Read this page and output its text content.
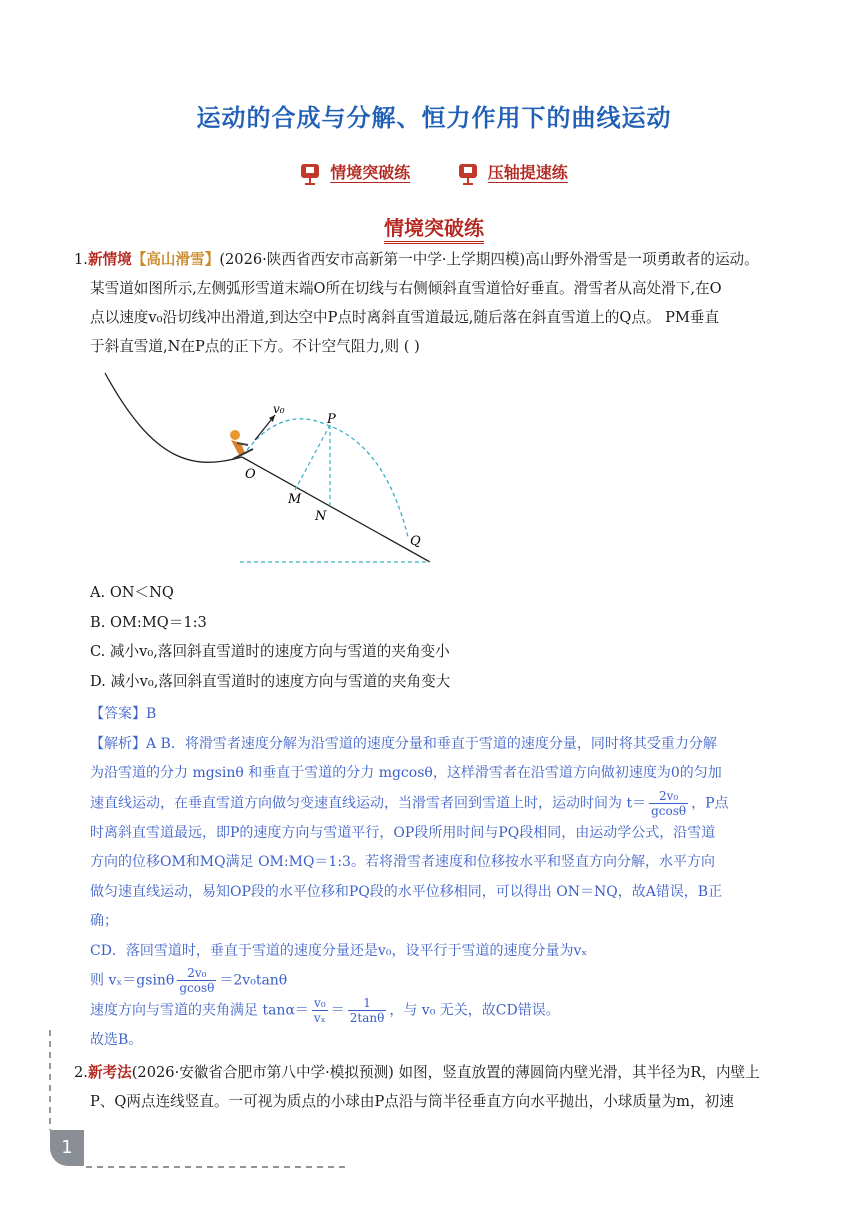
运动的合成与分解、恒力作用下的曲线运动
情境突破练	压轴提速练
情境突破练
1.新情境【高山滑雪】(2026·陕西省西安市高新第一中学·上学期四模)高山野外滑雪是一项勇敢者的运动。
某雪道如图所示,左侧弧形雪道末端O所在切线与右侧倾斜直雪道恰好垂直。滑雪者从高处滑下,在O
点以速度v₀沿切线冲出滑道,到达空中P点时离斜直雪道最远,随后落在斜直雪道上的Q点。 PM垂直
于斜直雪道,N在P点的正下方。不计空气阻力,则 ( )
v₀
P
O
M
N
Q
A. ON＜NQ
B. OM:MQ＝1:3
C. 减小v₀,落回斜直雪道时的速度方向与雪道的夹角变小
D. 减小v₀,落回斜直雪道时的速度方向与雪道的夹角变大
【答案】B
【解析】A B．将滑雪者速度分解为沿雪道的速度分量和垂直于雪道的速度分量，同时将其受重力分解
为沿雪道的分力 mgsinθ 和垂直于雪道的分力 mgcosθ，这样滑雪者在沿雪道方向做初速度为0的匀加
速直线运动，在垂直雪道方向做匀变速直线运动，当滑雪者回到雪道上时，运动时间为 $t= \frac{\text{2v₀}}{gcos\theta}$ ，P点
时离斜直雪道最远，即P的速度方向与雪道平行，OP段所用时间与PQ段相同，由运动学公式，沿雪道
方向的位移OM和MQ满足 OM:MQ＝1:3。若将滑雪者速度和位移按水平和竖直方向分解，水平方向
做匀速直线运动，易知OP段的水平位移和PQ段的水平位移相同，可以得出 ON＝NQ，故A错误，B正
确；
CD．落回雪道时，垂直于雪道的速度分量还是v₀，设平行于雪道的速度分量为vₓ
则 $v_x=gsin\theta \frac{\text{2v₀}}{gcos\theta} =2v_0\tan\theta$
速度方向与雪道的夹角满足 $\tan\alpha= \frac{\text{v₀}}{\text{vₓ}} = \frac{1}{2\tan\theta}$ ，与 v₀ 无关，故CD错误。
故选B。
2.新考法(2026·安徽省合肥市第八中学·模拟预测) 如图，竖直放置的薄圆筒内壁光滑，其半径为R，内壁上
P、Q两点连线竖直。一可视为质点的小球由P点沿与筒半径垂直方向水平抛出，小球质量为m，初速
1
